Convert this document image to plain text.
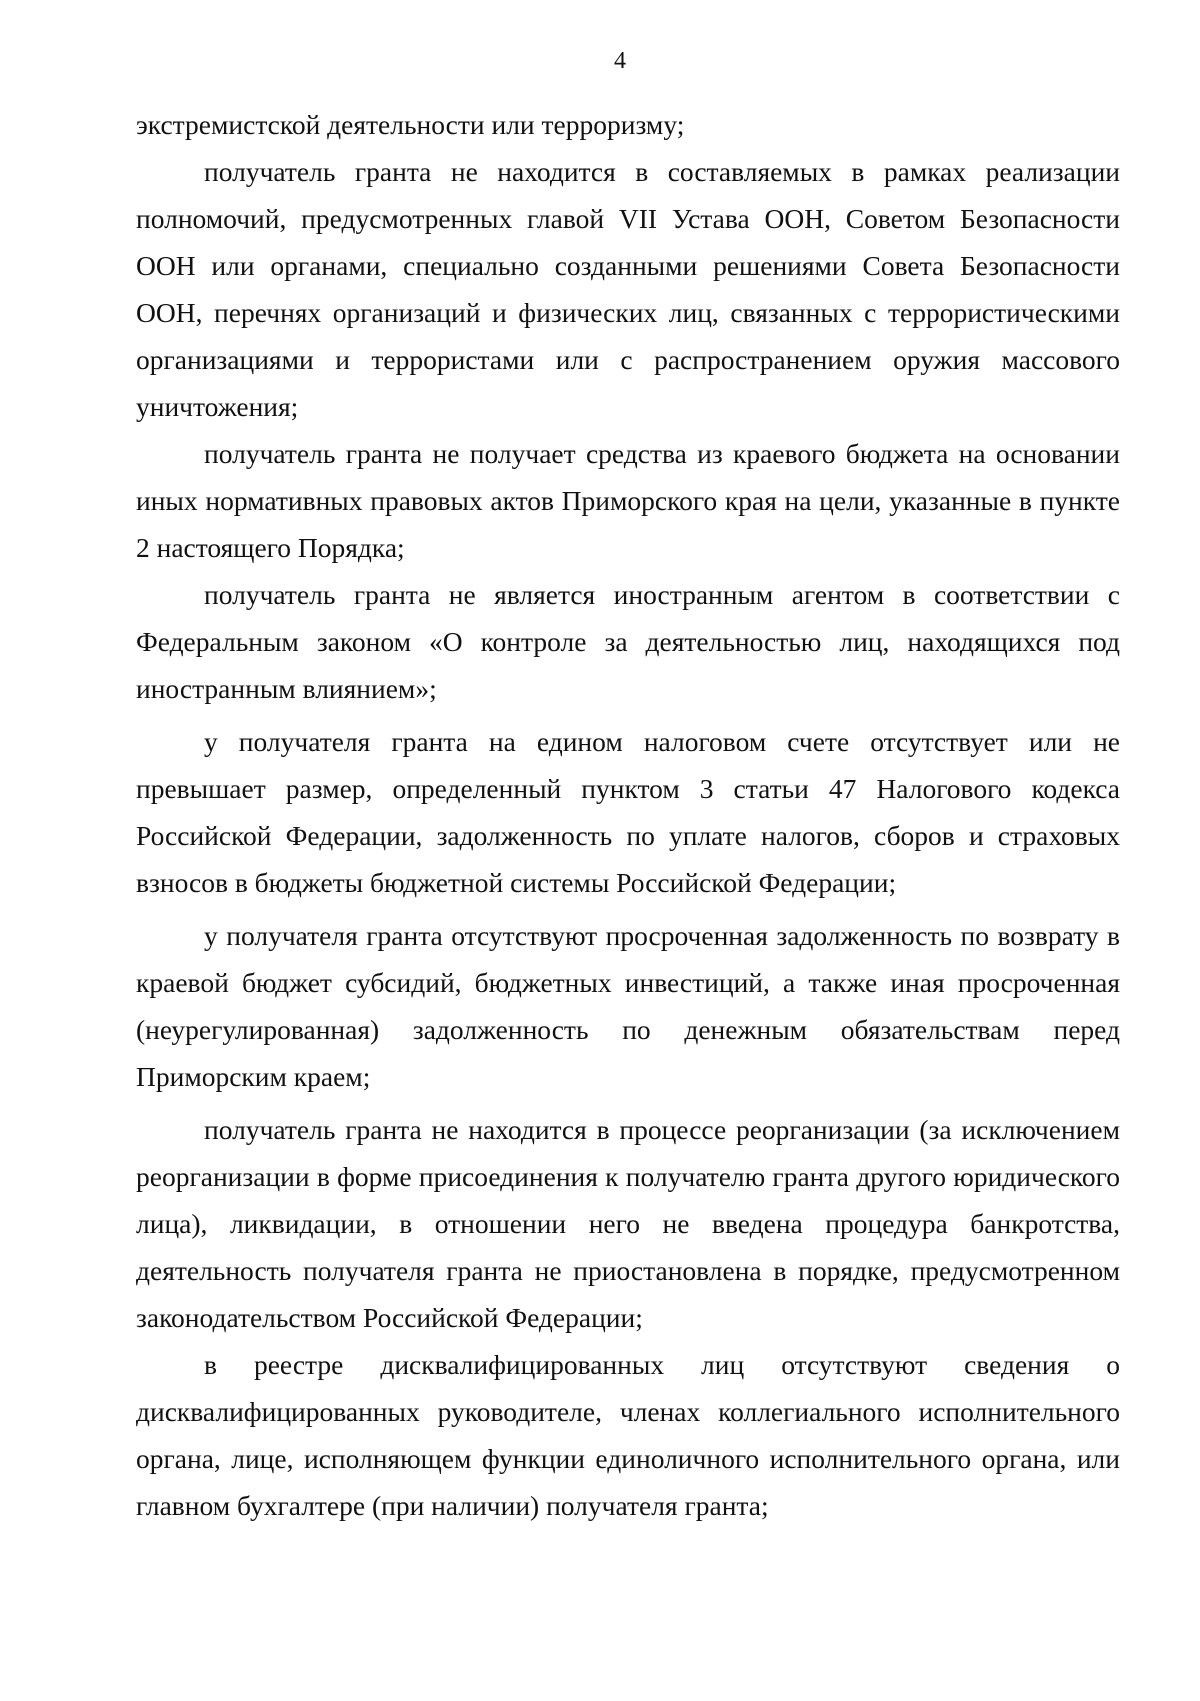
4

экстремистской деятельности или терроризму;

получатель гранта не находится в составляемых в рамках реализации полномочий, предусмотренных главой VII Устава ООН, Советом Безопасности ООН или органами, специально созданными решениями Совета Безопасности ООН, перечнях организаций и физических лиц, связанных с террористическими организациями и террористами или с распространением оружия массового уничтожения;

получатель гранта не получает средства из краевого бюджета на основании иных нормативных правовых актов Приморского края на цели, указанные в пункте 2 настоящего Порядка;

получатель гранта не является иностранным агентом в соответствии с Федеральным законом «О контроле за деятельностью лиц, находящихся под иностранным влиянием»;

у получателя гранта на едином налоговом счете отсутствует или не превышает размер, определенный пунктом 3 статьи 47 Налогового кодекса Российской Федерации, задолженность по уплате налогов, сборов и страховых взносов в бюджеты бюджетной системы Российской Федерации;

у получателя гранта отсутствуют просроченная задолженность по возврату в краевой бюджет субсидий, бюджетных инвестиций, а также иная просроченная (неурегулированная) задолженность по денежным обязательствам перед Приморским краем;

получатель гранта не находится в процессе реорганизации (за исключением реорганизации в форме присоединения к получателю гранта другого юридического лица), ликвидации, в отношении него не введена процедура банкротства, деятельность получателя гранта не приостановлена в порядке, предусмотренном законодательством Российской Федерации;

в реестре дисквалифицированных лиц отсутствуют сведения о дисквалифицированных руководителе, членах коллегиального исполнительного органа, лице, исполняющем функции единоличного исполнительного органа, или главном бухгалтере (при наличии) получателя гранта;
